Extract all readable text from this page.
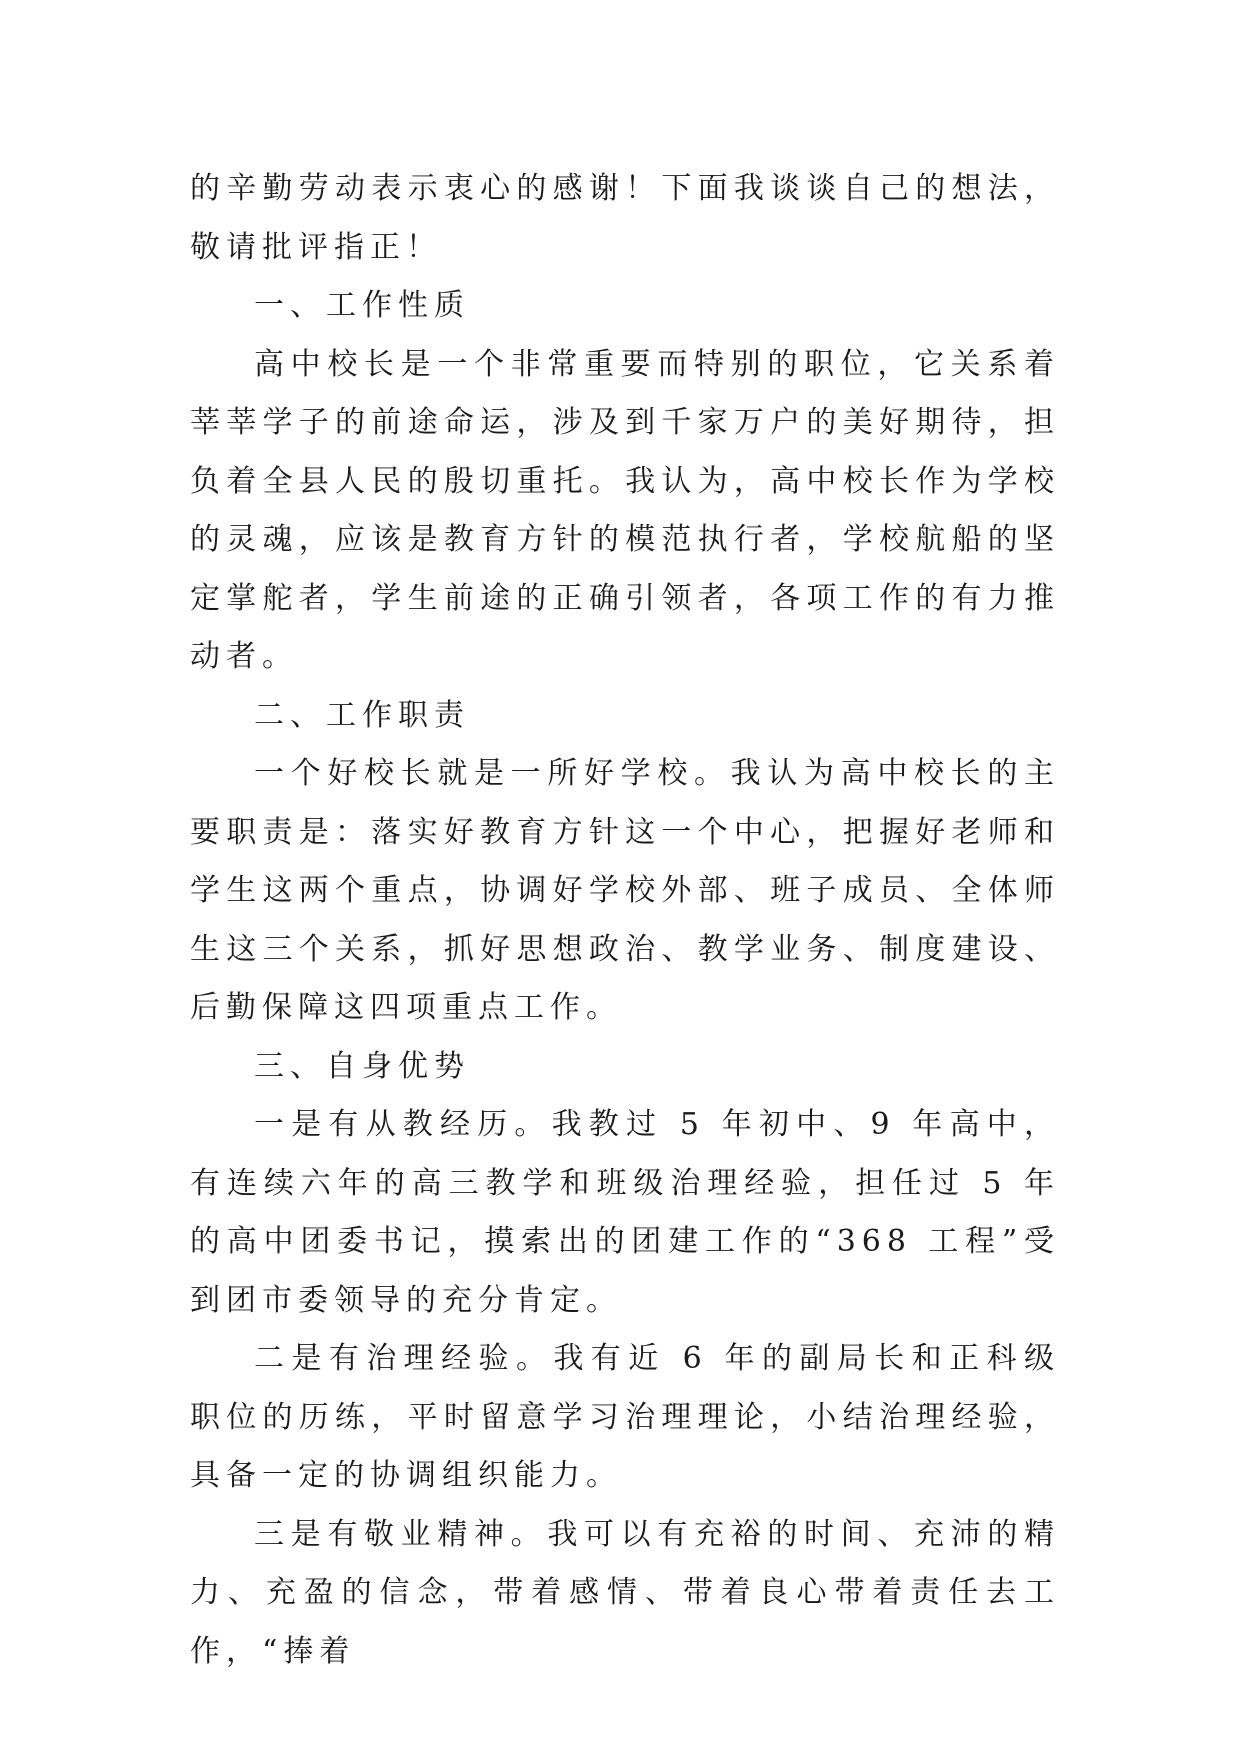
的辛勤劳动表示衷心的感谢！下面我谈谈自己的想法，敬请批评指正！

一、工作性质

高中校长是一个非常重要而特别的职位，它关系着莘莘学子的前途命运，涉及到千家万户的美好期待，担负着全县人民的殷切重托。我认为，高中校长作为学校的灵魂，应该是教育方针的模范执行者，学校航船的坚定掌舵者，学生前途的正确引领者，各项工作的有力推动者。

二、工作职责

一个好校长就是一所好学校。我认为高中校长的主要职责是：落实好教育方针这一个中心，把握好老师和学生这两个重点，协调好学校外部、班子成员、全体师生这三个关系，抓好思想政治、教学业务、制度建设、后勤保障这四项重点工作。

三、自身优势

一是有从教经历。我教过 5 年初中、9 年高中，有连续六年的高三教学和班级治理经验，担任过 5 年的高中团委书记，摸索出的团建工作的“368 工程”受到团市委领导的充分肯定。

二是有治理经验。我有近 6 年的副局长和正科级职位的历练，平时留意学习治理理论，小结治理经验，具备一定的协调组织能力。

三是有敬业精神。我可以有充裕的时间、充沛的精力、充盈的信念，带着感情、带着良心带着责任去工作，“捧着
